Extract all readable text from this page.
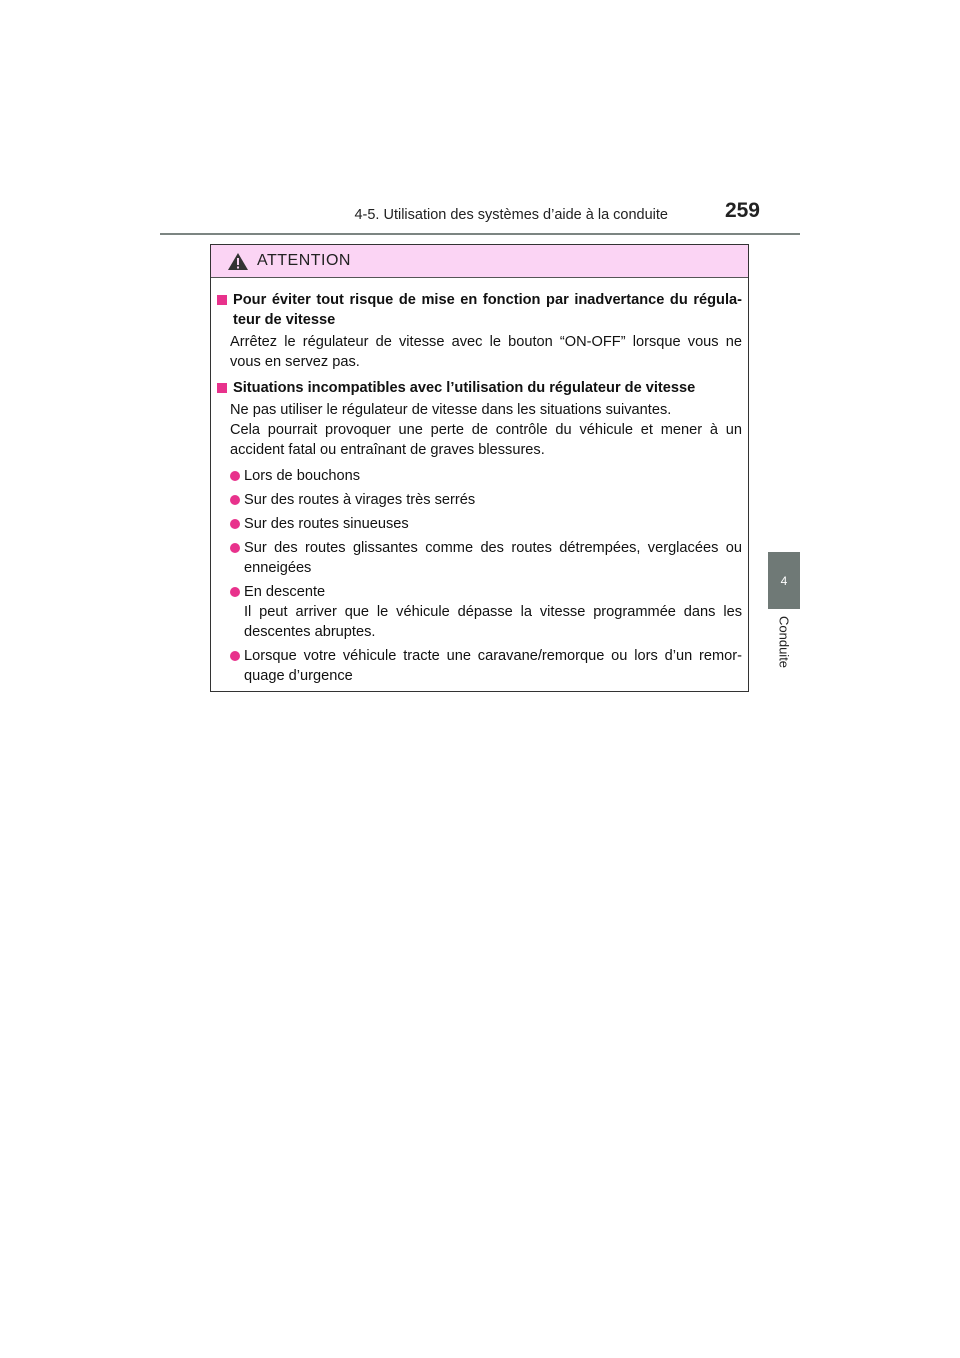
4-5. Utilisation des systèmes d’aide à la conduite	259
4
Conduite
ATTENTION
Pour éviter tout risque de mise en fonction par inadvertance du régula-teur de vitesse
Arrêtez le régulateur de vitesse avec le bouton “ON-OFF” lorsque vous ne vous en servez pas.
Situations incompatibles avec l’utilisation du régulateur de vitesse
Ne pas utiliser le régulateur de vitesse dans les situations suivantes.
Cela pourrait provoquer une perte de contrôle du véhicule et mener à un accident fatal ou entraînant de graves blessures.
Lors de bouchons
Sur des routes à virages très serrés
Sur des routes sinueuses
Sur des routes glissantes comme des routes détrempées, verglacées ou enneigées
En descente
Il peut arriver que le véhicule dépasse la vitesse programmée dans les descentes abruptes.
Lorsque votre véhicule tracte une caravane/remorque ou lors d’un remor-quage d’urgence
